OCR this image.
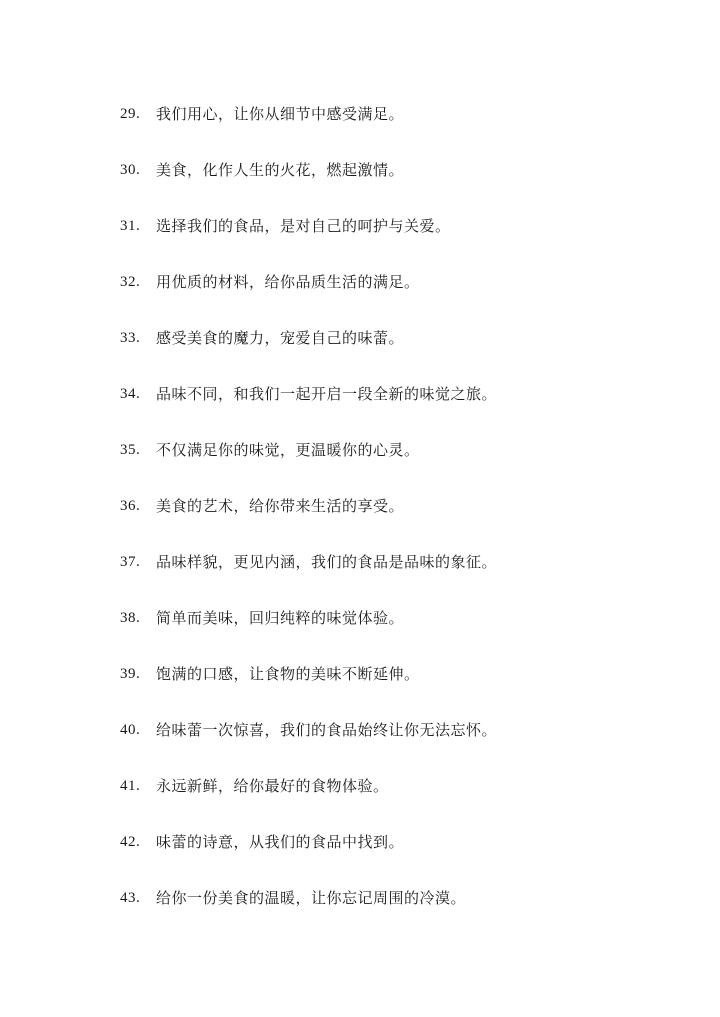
29.	我们用心，让你从细节中感受满足。
30.	美食，化作人生的火花，燃起激情。
31.	选择我们的食品，是对自己的呵护与关爱。
32.	用优质的材料，给你品质生活的满足。
33.	感受美食的魔力，宠爱自己的味蕾。
34.	品味不同，和我们一起开启一段全新的味觉之旅。
35.	不仅满足你的味觉，更温暖你的心灵。
36.	美食的艺术，给你带来生活的享受。
37.	品味样貌，更见内涵，我们的食品是品味的象征。
38.	简单而美味，回归纯粹的味觉体验。
39.	饱满的口感，让食物的美味不断延伸。
40.	给味蕾一次惊喜，我们的食品始终让你无法忘怀。
41.	永远新鲜，给你最好的食物体验。
42.	味蕾的诗意，从我们的食品中找到。
43.	给你一份美食的温暖，让你忘记周围的冷漠。
